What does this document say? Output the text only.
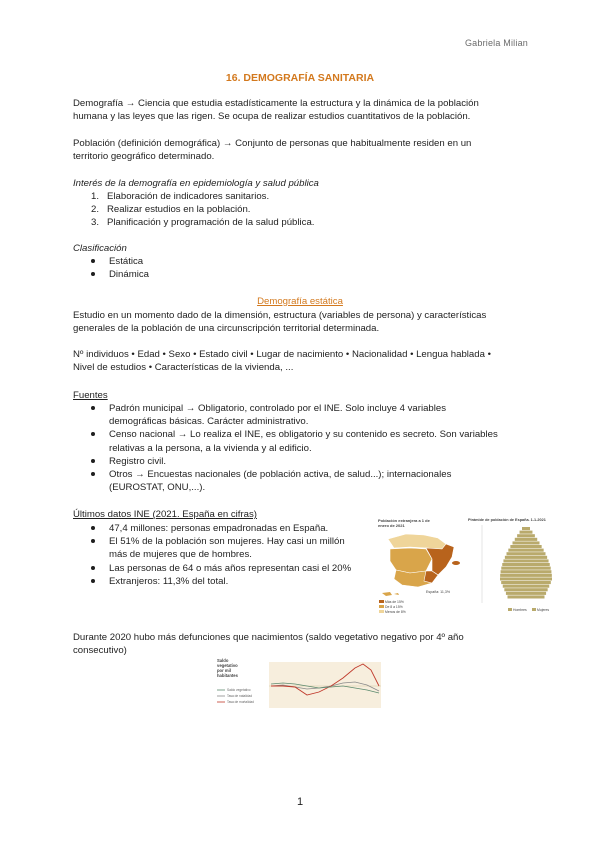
Gabriela Milian
16. DEMOGRAFÍA SANITARIA
Demografía → Ciencia que estudia estadísticamente la estructura y la dinámica de la población
humana y las leyes que las rigen. Se ocupa de realizar estudios cuantitativos de la población.
Población (definición demográfica) → Conjunto de personas que habitualmente residen en un
territorio geográfico determinado.
Interés de la demografía en epidemiología y salud pública
1. Elaboración de indicadores sanitarios.
2. Realizar estudios en la población.
3. Planificación y programación de la salud pública.
Clasificación
Estática
Dinámica
Demografía estática
Estudio en un momento dado de la dimensión, estructura (variables de persona) y características
generales de la población de una circunscripción territorial determinada.
Nº individuos • Edad • Sexo • Estado civil • Lugar de nacimiento • Nacionalidad • Lengua hablada •
Nivel de estudios • Características de la vivienda, ...
Fuentes
Padrón municipal → Obligatorio, controlado por el INE. Solo incluye 4 variables
demográficas básicas. Carácter administrativo.
Censo nacional → Lo realiza el INE, es obligatorio y su contenido es secreto. Son variables
relativas a la persona, a la vivienda y al edificio.
Registro civil.
Otros → Encuestas nacionales (de población activa, de salud...); internacionales
(EUROSTAT, ONU,...).
Últimos datos INE (2021. España en cifras)
47,4 millones: personas empadronadas en España.
El 51% de la población son mujeres. Hay casi un millón
más de mujeres que de hombres.
Las personas de 64 o más años representan casi el 20%
Extranjeros: 11,3% del total.
Población extranjera a 1 de
enero de 2021
España: 11,3%
Más de 15%
De 8 a 15%
Menos de 8%
Pirámide de población de España. 1-1-2021
Hombres	Mujeres
Durante 2020 hubo más defunciones que nacimientos (saldo vegetativo negativo por 4º año
consecutivo)
Saldo
vegetativo
por mil
habitantes
Saldo vegetativo
Tasa de natalidad
Tasa de mortalidad
1
